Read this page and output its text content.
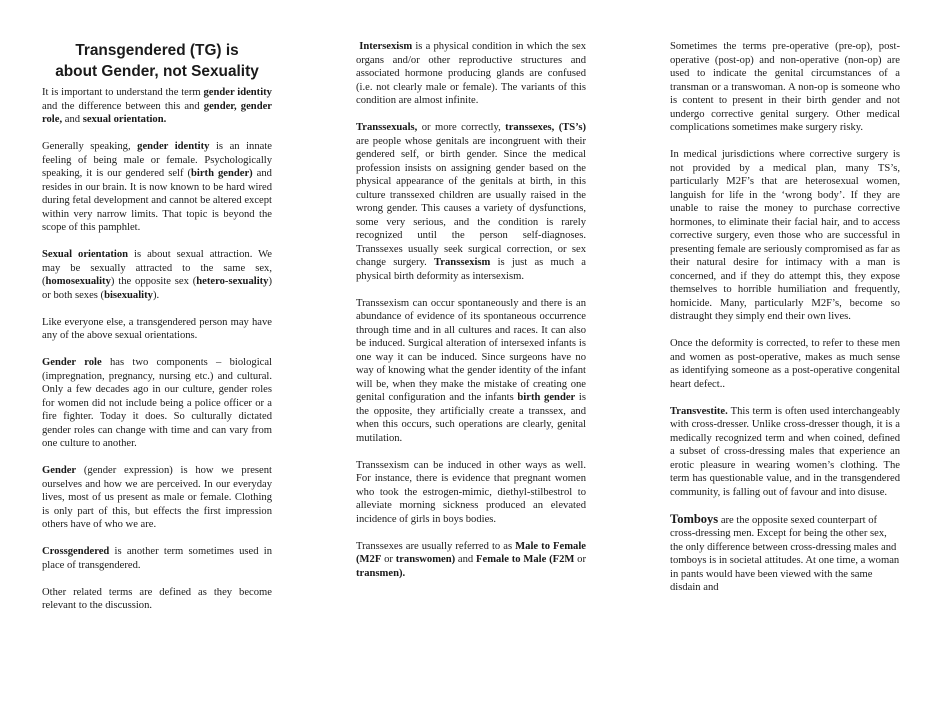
Transgendered (TG) is
about Gender, not Sexuality

It is important to understand the term gender identity and the difference between this and gender, gender role, and sexual orientation.

Generally speaking, gender identity is an innate feeling of being male or female. Psychologically speaking, it is our gendered self (birth gender) and resides in our brain. It is now known to be hard wired during fetal development and cannot be altered except within very narrow limits. That topic is beyond the scope of this pamphlet.

Sexual orientation is about sexual attraction. We may be sexually attracted to the same sex, (homosexuality) the opposite sex (hetero-sexuality) or both sexes (bisexuality).

Like everyone else, a transgendered person may have any of the above sexual orientations.

Gender role has two components – biological (impregnation, pregnancy, nursing etc.) and cultural. Only a few decades ago in our culture, gender roles for women did not include being a police officer or a fire fighter. Today it does. So culturally dictated gender roles can change with time and can vary from one culture to another.

Gender (gender expression) is how we present ourselves and how we are perceived. In our everyday lives, most of us present as male or female. Clothing is only part of this, but effects the first impression others have of who we are.

Crossgendered is another term sometimes used in place of transgendered.

Other related terms are defined as they become relevant to the discussion.

Intersexism is a physical condition in which the sex organs and/or other reproductive structures and associated hormone producing glands are confused (i.e. not clearly male or female). The variants of this condition are almost infinite.

Transsexuals, or more correctly, transsexes, (TS’s) are people whose genitals are incongruent with their gendered self, or birth gender. Since the medical profession insists on assigning gender based on the physical appearance of the genitals at birth, in this culture transsexed children are usually raised in the wrong gender. This causes a variety of dysfunctions, some very serious, and the condition is rarely recognized until the person self-diagnoses. Transsexes usually seek surgical correction, or sex change surgery. Transsexism is just as much a physical birth deformity as intersexism.

Transsexism can occur spontaneously and there is an abundance of evidence of its spontaneous occurrence through time and in all cultures and races. It can also be induced. Surgical alteration of intersexed infants is one way it can be induced. Since surgeons have no way of knowing what the gender identity of the infant will be, when they make the mistake of creating one genital configuration and the infants birth gender is the opposite, they artificially create a transsex, and when this occurs, such operations are clearly, genital mutilation.

Transsexism can be induced in other ways as well. For instance, there is evidence that pregnant women who took the estrogen-mimic, diethyl-stilbestrol to alleviate morning sickness produced an elevated incidence of girls in boys bodies.

Transsexes are usually referred to as Male to Female (M2F or transwomen) and Female to Male (F2M or transmen).

Sometimes the terms pre-operative (pre-op), post-operative (post-op) and non-operative (non-op) are used to indicate the genital circumstances of a transman or a transwoman. A non-op is someone who is content to present in their birth gender and not undergo corrective genital surgery. Other medical complications sometimes make surgery risky.

In medical jurisdictions where corrective surgery is not provided by a medical plan, many TS’s, particularly M2F’s that are heterosexual women, languish for life in the ‘wrong body’. If they are unable to raise the money to purchase corrective hormones, to eliminate their facial hair, and to access corrective surgery, even those who are successful in presenting female are seriously compromised as far as their natural desire for intimacy with a man is concerned, and if they do attempt this, they expose themselves to horrible humiliation and frequently, homicide. Many, particularly M2F’s, become so distraught they simply end their own lives.

Once the deformity is corrected, to refer to these men and women as post-operative, makes as much sense as identifying someone as a post-operative congenital heart defect..

Transvestite. This term is often used interchangeably with cross-dresser. Unlike cross-dresser though, it is a medically recognized term and when coined, defined a subset of cross-dressing males that experience an erotic pleasure in wearing women’s clothing. The term has questionable value, and in the transgendered community, is falling out of favour and into disuse.

Tomboys are the opposite sexed counterpart of cross-dressing men. Except for being the other sex, the only difference between cross-dressing males and tomboys is in societal attitudes. At one time, a woman in pants would have been viewed with the same disdain and
